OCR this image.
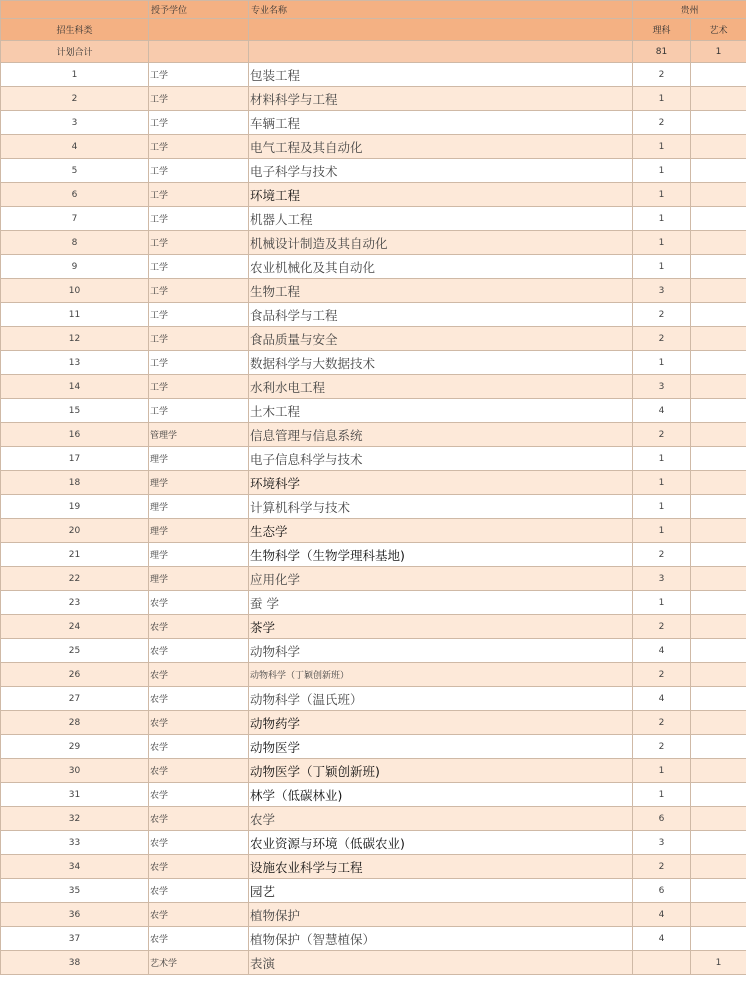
	授予学位	专业名称	贵州	
招生科类			理科	艺术
计划合计			81	1
1	工学	包装工程	2	
2	工学	材料科学与工程	1	
3	工学	车辆工程	2	
4	工学	电气工程及其自动化	1	
5	工学	电子科学与技术	1	
6	工学	环境工程	1	
7	工学	机器人工程	1	
8	工学	机械设计制造及其自动化	1	
9	工学	农业机械化及其自动化	1	
10	工学	生物工程	3	
11	工学	食品科学与工程	2	
12	工学	食品质量与安全	2	
13	工学	数据科学与大数据技术	1	
14	工学	水利水电工程	3	
15	工学	土木工程	4	
16	管理学	信息管理与信息系统	2	
17	理学	电子信息科学与技术	1	
18	理学	环境科学	1	
19	理学	计算机科学与技术	1	
20	理学	生态学	1	
21	理学	生物科学（生物学理科基地)	2	
22	理学	应用化学	3	
23	农学	蚕 学	1	
24	农学	茶学	2	
25	农学	动物科学	4	
26	农学	动物科学（丁颖创新班）	2	
27	农学	动物科学（温氏班）	4	
28	农学	动物药学	2	
29	农学	动物医学	2	
30	农学	动物医学（丁颖创新班)	1	
31	农学	林学（低碳林业)	1	
32	农学	农学	6	
33	农学	农业资源与环境（低碳农业)	3	
34	农学	设施农业科学与工程	2	
35	农学	园艺	6	
36	农学	植物保护	4	
37	农学	植物保护（智慧植保）	4	
38	艺术学	表演		1
